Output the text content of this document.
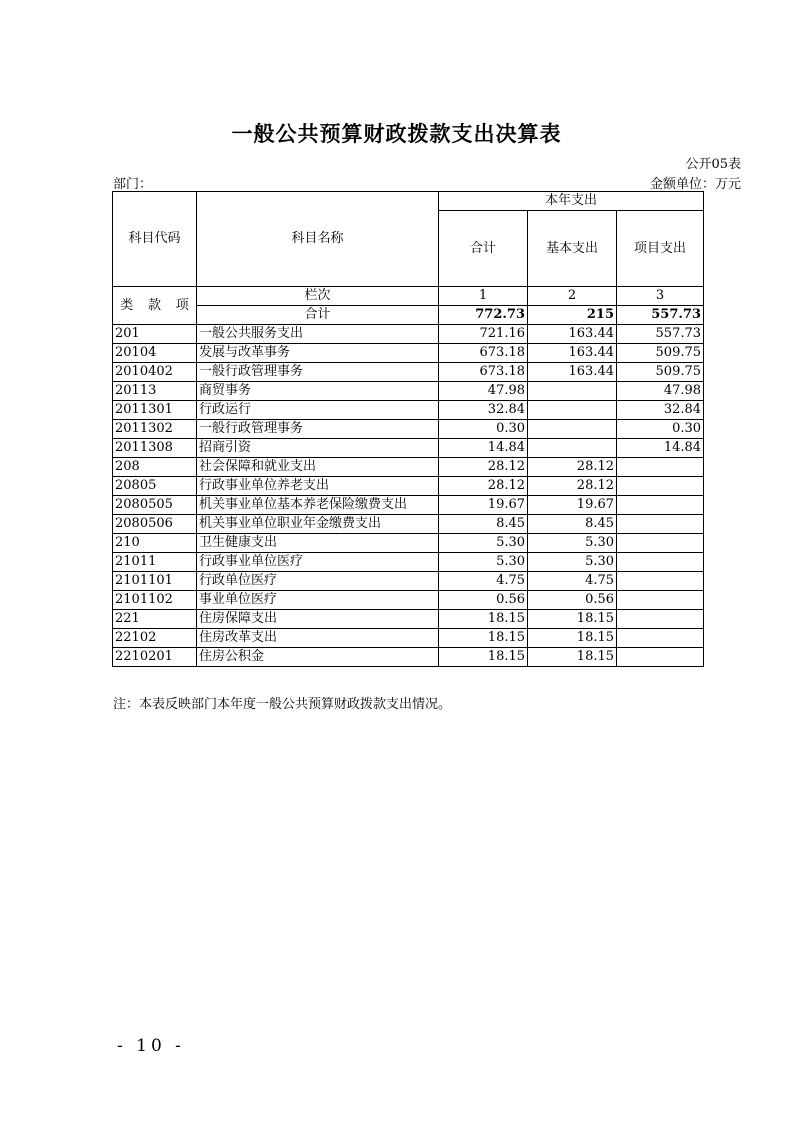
一般公共预算财政拨款支出决算表
公开05表
部门：	金额单位：万元
科目代码			科目名称	本年支出		
				合计	基本支出	项目支出
类	款	项	栏次	1	2	3
			合计	772.73	215	557.73
201			一般公共服务支出	721.16	163.44	557.73
20104			发展与改革事务	673.18	163.44	509.75
2010402			一般行政管理事务	673.18	163.44	509.75
20113			商贸事务	47.98		47.98
2011301			行政运行	32.84		32.84
2011302			一般行政管理事务	0.30		0.30
2011308			招商引资	14.84		14.84
208			社会保障和就业支出	28.12	28.12	
20805			行政事业单位养老支出	28.12	28.12	
2080505			机关事业单位基本养老保险缴费支出	19.67	19.67	
2080506			机关事业单位职业年金缴费支出	8.45	8.45	
210			卫生健康支出	5.30	5.30	
21011			行政事业单位医疗	5.30	5.30	
2101101			行政单位医疗	4.75	4.75	
2101102			事业单位医疗	0.56	0.56	
221			住房保障支出	18.15	18.15	
22102			住房改革支出	18.15	18.15	
2210201			住房公积金	18.15	18.15	
注：本表反映部门本年度一般公共预算财政拨款支出情况。
- 10 -
